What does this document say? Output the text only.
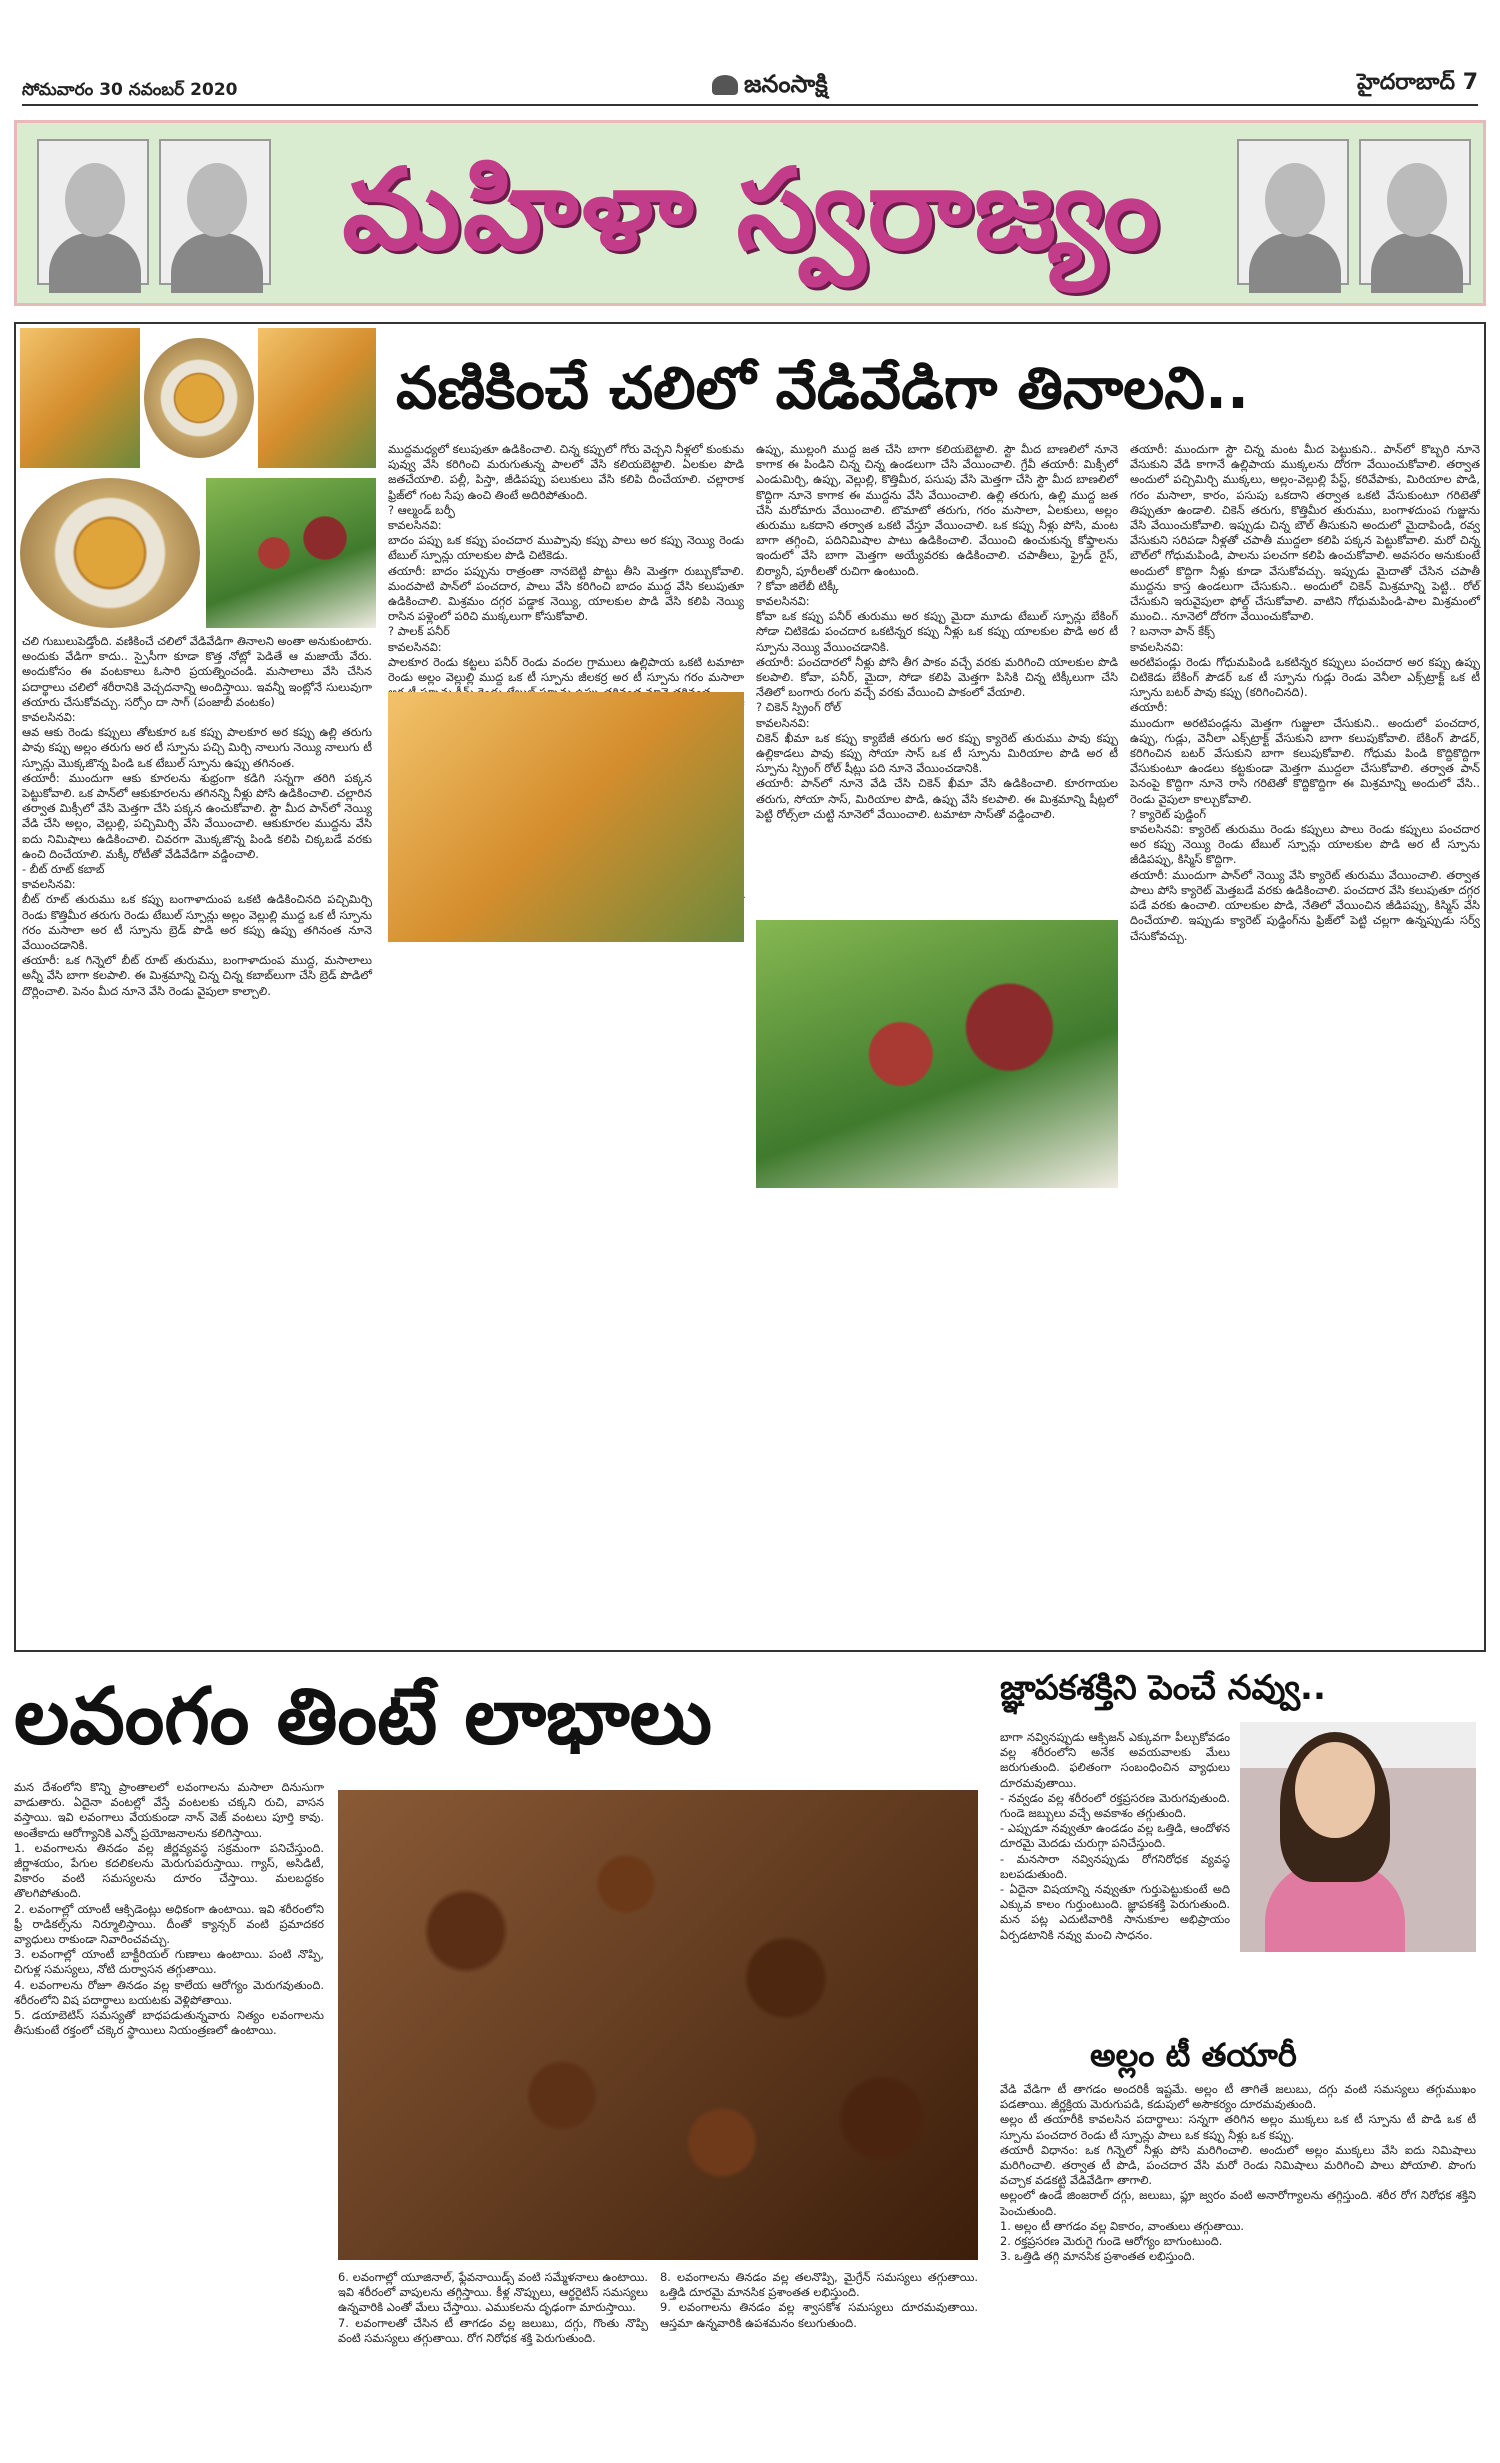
సోమవారం 30 నవంబర్ 2020	జనంసాక్షి	హైదరాబాద్ 7
మహిళా స్వరాజ్యం
వణికించే చలిలో వేడివేడిగా తినాలని..
చలి గుబులుపెడ్తోంది. వణికించే చలిలో వేడివేడిగా తినాలని అంతా అనుకుంటారు. అందుకు వేడిగా కాదు.. స్పైసీగా కూడా కొత్త నోట్లో పెడితే ఆ మజాయే వేరు. అందుకోసం ఈ వంటకాలు ఓసారి ప్రయత్నించండి. మసాలాలు వేసి చేసిన పదార్థాలు చలిలో శరీరానికి వెచ్చదనాన్ని అందిస్తాయి. ఇవన్నీ ఇంట్లోనే సులువుగా తయారు చేసుకోవచ్చు. సర్సోం దా సాగ్ (పంజాబీ వంటకం)
కావలసినవి:
ఆవ ఆకు రెండు కప్పులు తోటకూర ఒక కప్పు పాలకూర అర కప్పు ఉల్లి తరుగు పావు కప్పు అల్లం తరుగు అర టీ స్పూను పచ్చి మిర్చి నాలుగు నెయ్యి నాలుగు టీ స్పూన్లు మొక్కజొన్న పిండి ఒక టేబుల్ స్పూను ఉప్పు తగినంత.
తయారీ: ముందుగా ఆకు కూరలను శుభ్రంగా కడిగి సన్నగా తరిగి పక్కన పెట్టుకోవాలి. ఒక పాన్‌లో ఆకుకూరలను తగినన్ని నీళ్లు పోసి ఉడికించాలి. చల్లారిన తర్వాత మిక్సీలో వేసి మెత్తగా చేసి పక్కన ఉంచుకోవాలి. స్టౌ మీద పాన్‌లో నెయ్యి వేడి చేసి అల్లం, వెల్లుల్లి, పచ్చిమిర్చి వేసి వేయించాలి. ఆకుకూరల ముద్దను వేసి ఐదు నిమిషాలు ఉడికించాలి. చివరగా మొక్కజొన్న పిండి కలిపి చిక్కబడే వరకు ఉంచి దించేయాలి. మక్కీ రోటీతో వేడివేడిగా వడ్డించాలి.
- బీట్ రూట్ కబాబ్
కావలసినవి:
బీట్ రూట్ తురుము ఒక కప్పు బంగాళాదుంప ఒకటి ఉడికించినది పచ్చిమిర్చి రెండు కొత్తిమీర తరుగు రెండు టేబుల్ స్పూన్లు అల్లం వెల్లుల్లి ముద్ద ఒక టీ స్పూను గరం మసాలా అర టీ స్పూను బ్రెడ్ పొడి అర కప్పు ఉప్పు తగినంత నూనె వేయించడానికి.
తయారీ: ఒక గిన్నెలో బీట్ రూట్ తురుము, బంగాళాదుంప ముద్ద, మసాలాలు అన్నీ వేసి బాగా కలపాలి. ఈ మిశ్రమాన్ని చిన్న చిన్న కబాబ్‌లుగా చేసి బ్రెడ్ పొడిలో దొర్లించాలి. పెనం మీద నూనె వేసి రెండు వైపులా కాల్చాలి.
ముద్దమధ్యలో కలుపుతూ ఉడికించాలి. చిన్న కప్పులో గోరు వెచ్చని నీళ్లలో కుంకుమ పువ్వు వేసి కరిగించి మరుగుతున్న పాలలో వేసి కలియబెట్టాలి. ఏలకుల పొడి జతచేయాలి. పల్లీ, పిస్తా, జీడిపప్పు పలుకులు వేసి కలిపి దించేయాలి. చల్లారాక ఫ్రిజ్‌లో గంట సేపు ఉంచి తింటే అదిరిపోతుంది.
? ఆల్మండ్ బర్ఫీ
కావలసినవి:
బాదం పప్పు ఒక కప్పు పంచదార ముప్పావు కప్పు పాలు అర కప్పు నెయ్యి రెండు టేబుల్ స్పూన్లు యాలకుల పొడి చిటికెడు.
తయారీ: బాదం పప్పును రాత్రంతా నానబెట్టి పొట్టు తీసి మెత్తగా రుబ్బుకోవాలి. మందపాటి పాన్‌లో పంచదార, పాలు వేసి కరిగించి బాదం ముద్ద వేసి కలుపుతూ ఉడికించాలి. మిశ్రమం దగ్గర పడ్డాక నెయ్యి, యాలకుల పొడి వేసి కలిపి నెయ్యి రాసిన పళ్లెంలో పరిచి ముక్కలుగా కోసుకోవాలి.
? పాలక్ పనీర్
కావలసినవి:
పాలకూర రెండు కట్టలు పనీర్ రెండు వందల గ్రాములు ఉల్లిపాయ ఒకటి టమాటా రెండు అల్లం వెల్లుల్లి ముద్ద ఒక టీ స్పూను జీలకర్ర అర టీ స్పూను గరం మసాలా

ఉప్పు, ముల్లంగి ముద్ద జత చేసి బాగా కలియబెట్టాలి. స్టౌ మీద బాణలిలో నూనె కాగాక ఈ పిండిని చిన్న చిన్న ఉండలుగా చేసి వేయించాలి. గ్రేవీ తయారీ: మిక్సీలో ఎండుమిర్చి, ఉప్పు, వెల్లుల్లి, కొత్తిమీర, పసుపు వేసి మెత్తగా చేసి స్టౌ మీద బాణలిలో కొద్దిగా నూనె కాగాక ఈ ముద్దను వేసి వేయించాలి. ఉల్లి తరుగు, ఉల్లి ముద్ద జత చేసి మరోమారు వేయించాలి. టొమాటో తరుగు, గరం మసాలా, ఏలకులు, అల్లం తురుము ఒకదాని తర్వాత ఒకటి వేస్తూ వేయించాలి. ఒక కప్పు నీళ్లు పోసి, మంట బాగా తగ్గించి, పదినిమిషాల పాటు ఉడికించాలి. వేయించి ఉంచుకున్న కోఫ్తాలను ఇందులో వేసి బాగా మెత్తగా అయ్యేవరకు ఉడికించాలి. చపాతీలు, ఫ్రైడ్ రైస్, బిర్యానీ, పూరీలతో రుచిగా ఉంటుంది.
? కోవా జిలేబీ టిక్కీ
కావలసినవి:
కోవా ఒక కప్పు పనీర్ తురుము అర కప్పు మైదా మూడు టేబుల్ స్పూన్లు బేకింగ్ సోడా చిటికెడు పంచదార ఒకటిన్నర కప్పు నీళ్లు ఒక కప్పు యాలకుల పొడి అర టీ స్పూను నెయ్యి వేయించడానికి.
తయారీ: పంచదారలో నీళ్లు పోసి తీగ పాకం వచ్చే వరకు మరిగించి యాలకుల పొడి కలపాలి. కోవా, పనీర్, మైదా, సోడా కలిపి మెత్తగా పిసికి చిన్న టిక్కీలుగా చేసి నేతిలో బంగారు రంగు వచ్చే వరకు వేయించి పాకంలో వేయాలి.
? చికెన్ స్ప్రింగ్ రోల్
కావలసినవి:
చికెన్ ఖీమా ఒక కప్పు క్యాబేజీ తరుగు అర కప్పు క్యారెట్ తురుము పావు కప్పు ఉల్లికాడలు పావు కప్పు సోయా సాస్ ఒక టీ స్పూను మిరియాల పొడి అర టీ స్పూను స్ప్రింగ్ రోల్ షీట్లు పది నూనె వేయించడానికి.
తయారీ: పాన్‌లో నూనె వేడి చేసి చికెన్ ఖీమా వేసి ఉడికించాలి. కూరగాయల తరుగు, సోయా సాస్, మిరియాల పొడి, ఉప్పు వేసి కలపాలి. ఈ మిశ్రమాన్ని షీట్లలో పెట్టి రోల్స్‌లా చుట్టి నూనెలో వేయించాలి. టమాటా సాస్‌తో వడ్డించాలి.
తయారీ: ముందుగా స్టౌ చిన్న మంట మీద పెట్టుకుని.. పాన్‌లో కొబ్బరి నూనె వేసుకుని వేడి కాగానే ఉల్లిపాయ ముక్కలను దోరగా వేయించుకోవాలి. తర్వాత అందులో పచ్చిమిర్చి ముక్కలు, అల్లం-వెల్లుల్లి పేస్ట్, కరివేపాకు, మిరియాల పొడి, గరం మసాలా, కారం, పసుపు ఒకదాని తర్వాత ఒకటి వేసుకుంటూ గరిటెతో తిప్పుతూ ఉండాలి. చికెన్ తరుగు, కొత్తిమీర తురుము, బంగాళదుంప గుజ్జును వేసి వేయించుకోవాలి. ఇప్పుడు చిన్న బౌల్ తీసుకుని అందులో మైదాపిండి, రవ్వ వేసుకుని సరిపడా నీళ్లతో చపాతీ ముద్దలా కలిపి పక్కన పెట్టుకోవాలి. మరో చిన్న బౌల్‌లో గోధుమపిండి, పాలను పలచగా కలిపి ఉంచుకోవాలి. అవసరం అనుకుంటే అందులో కొద్దిగా నీళ్లు కూడా వేసుకోవచ్చు. ఇప్పుడు మైదాతో చేసిన చపాతీ ముద్దను కాస్త ఉండలుగా చేసుకుని.. అందులో చికెన్ మిశ్రమాన్ని పెట్టి.. రోల్ చేసుకుని ఇరువైపులా ఫోల్డ్ చేసుకోవాలి. వాటిని గోధుమపిండి-పాల మిశ్రమంలో ముంచి.. నూనెలో దోరగా వేయించుకోవాలి.
? బనానా పాన్ కేక్స్
కావలసినవి:
అరటిపండ్లు రెండు గోధుమపిండి ఒకటిన్నర కప్పులు పంచదార అర కప్పు ఉప్పు చిటికెడు బేకింగ్ పౌడర్ ఒక టీ స్పూను గుడ్లు రెండు వెనీలా ఎక్స్‌ట్రాక్ట్ ఒక టీ స్పూను బటర్ పావు కప్పు (కరిగించినది).
తయారీ:
ముందుగా అరటిపండ్లను మెత్తగా గుజ్జులా చేసుకుని.. అందులో పంచదార, ఉప్పు, గుడ్లు, వెనీలా ఎక్స్‌ట్రాక్ట్ వేసుకుని బాగా కలుపుకోవాలి. బేకింగ్ పౌడర్, కరిగించిన బటర్ వేసుకుని బాగా కలుపుకోవాలి. గోధుమ పిండి కొద్దికొద్దిగా వేసుకుంటూ ఉండలు కట్టకుండా మెత్తగా ముద్దలా చేసుకోవాలి. తర్వాత పాన్ పెనంపై కొద్దిగా నూనె రాసి గరిటెతో కొద్దికొద్దిగా ఈ మిశ్రమాన్ని అందులో వేసి.. రెండు వైపులా కాల్చుకోవాలి.
? క్యారెట్ పుడ్డింగ్
కావలసినవి: క్యారెట్ తురుము రెండు కప్పులు పాలు రెండు కప్పులు పంచదార అర కప్పు నెయ్యి రెండు టేబుల్ స్పూన్లు యాలకుల పొడి అర టీ స్పూను జీడిపప్పు, కిస్మిస్ కొద్దిగా.
తయారీ: ముందుగా పాన్‌లో నెయ్యి వేసి క్యారెట్ తురుము వేయించాలి. తర్వాత పాలు పోసి క్యారెట్ మెత్తబడే వరకు ఉడికించాలి. పంచదార వేసి కలుపుతూ దగ్గర పడే వరకు ఉంచాలి. యాలకుల పొడి, నేతిలో వేయించిన జీడిపప్పు, కిస్మిస్ వేసి దించేయాలి. ఇప్పుడు క్యారెట్ పుడ్డింగ్‌ను ఫ్రిజ్‌లో పెట్టి చల్లగా ఉన్నప్పుడు సర్వ్ చేసుకోవచ్చు.
లవంగం తింటే లాభాలు
మన దేశంలోని కొన్ని ప్రాంతాలలో లవంగాలను మసాలా దినుసుగా వాడుతారు. ఏదైనా వంటల్లో వేస్తే వంటలకు చక్కని రుచి, వాసన వస్తాయి. ఇవి లవంగాలు వేయకుండా నాన్ వెజ్ వంటలు పూర్తి కావు. అంతేకాదు ఆరోగ్యానికి ఎన్నో ప్రయోజనాలను కలిగిస్తాయి.
1. లవంగాలను తినడం వల్ల జీర్ణవ్యవస్థ సక్రమంగా పనిచేస్తుంది. జీర్ణాశయం, పేగుల కదలికలను మెరుగుపరుస్తాయి. గ్యాస్, అసిడిటీ, వికారం వంటి సమస్యలను దూరం చేస్తాయి. మలబద్ధకం తొలగిపోతుంది.
2. లవంగాల్లో యాంటీ ఆక్సిడెంట్లు అధికంగా ఉంటాయి. ఇవి శరీరంలోని ఫ్రీ రాడికల్స్‌ను నిర్మూలిస్తాయి. దీంతో క్యాన్సర్ వంటి ప్రమాదకర వ్యాధులు రాకుండా నివారించవచ్చు.
3. లవంగాల్లో యాంటీ బాక్టీరియల్ గుణాలు ఉంటాయి. పంటి నొప్పి, చిగుళ్ల సమస్యలు, నోటి దుర్వాసన తగ్గుతాయి.
4. లవంగాలను రోజూ తినడం వల్ల కాలేయ ఆరోగ్యం మెరుగవుతుంది. శరీరంలోని విష పదార్థాలు బయటకు వెళ్లిపోతాయి.
5. డయాబెటిస్ సమస్యతో బాధపడుతున్నవారు నిత్యం లవంగాలను తీసుకుంటే రక్తంలో చక్కెర స్థాయిలు నియంత్రణలో ఉంటాయి.
6. లవంగాల్లో యూజినాల్, ఫ్లేవనాయిడ్స్ వంటి సమ్మేళనాలు ఉంటాయి. ఇవి శరీరంలో వాపులను తగ్గిస్తాయి. కీళ్ల నొప్పులు, ఆర్థరైటిస్ సమస్యలు ఉన్నవారికి ఎంతో మేలు చేస్తాయి. ఎముకలను దృఢంగా మారుస్తాయి.
7. లవంగాలతో చేసిన టీ తాగడం వల్ల జలుబు, దగ్గు, గొంతు నొప్పి వంటి సమస్యలు తగ్గుతాయి. రోగ నిరోధక శక్తి పెరుగుతుంది.
8. లవంగాలను తినడం వల్ల తలనొప్పి, మైగ్రేన్ సమస్యలు తగ్గుతాయి. ఒత్తిడి దూరమై మానసిక ప్రశాంతత లభిస్తుంది.
9. లవంగాలను తినడం వల్ల శ్వాసకోశ సమస్యలు దూరమవుతాయి. ఆస్తమా ఉన్నవారికి ఉపశమనం కలుగుతుంది.
జ్ఞాపకశక్తిని పెంచే నవ్వు..
బాగా నవ్వినప్పుడు ఆక్సిజన్ ఎక్కువగా పీల్చుకోవడం వల్ల శరీరంలోని అనేక అవయవాలకు మేలు జరుగుతుంది. ఫలితంగా సంబంధించిన వ్యాధులు దూరమవుతాయి.
- నవ్వడం వల్ల శరీరంలో రక్తప్రసరణ మెరుగవుతుంది. గుండె జబ్బులు వచ్చే అవకాశం తగ్గుతుంది.
- ఎప్పుడూ నవ్వుతూ ఉండడం వల్ల ఒత్తిడి, ఆందోళన దూరమై మెదడు చురుగ్గా పనిచేస్తుంది.
- మనసారా నవ్వినప్పుడు రోగనిరోధక వ్యవస్థ బలపడుతుంది.
- ఏదైనా విషయాన్ని నవ్వుతూ గుర్తుపెట్టుకుంటే అది ఎక్కువ కాలం గుర్తుంటుంది. జ్ఞాపకశక్తి పెరుగుతుంది. మన పట్ల ఎదుటివారికి సానుకూల అభిప్రాయం ఏర్పడటానికి నవ్వు మంచి సాధనం.
అల్లం టీ తయారీ
వేడి వేడిగా టీ తాగడం అందరికీ ఇష్టమే. అల్లం టీ తాగితే జలుబు, దగ్గు వంటి సమస్యలు తగ్గుముఖం పడతాయి. జీర్ణక్రియ మెరుగుపడి, కడుపులో అసౌకర్యం దూరమవుతుంది.
అల్లం టీ తయారీకి కావలసిన పదార్థాలు: సన్నగా తరిగిన అల్లం ముక్కలు ఒక టీ స్పూను టీ పొడి ఒక టీ స్పూను పంచదార రెండు టీ స్పూన్లు పాలు ఒక కప్పు నీళ్లు ఒక కప్పు.
తయారీ విధానం: ఒక గిన్నెలో నీళ్లు పోసి మరిగించాలి. అందులో అల్లం ముక్కలు వేసి ఐదు నిమిషాలు మరిగించాలి. తర్వాత టీ పొడి, పంచదార వేసి మరో రెండు నిమిషాలు మరిగించి పాలు పోయాలి. పొంగు వచ్చాక వడకట్టి వేడివేడిగా తాగాలి.
అల్లంలో ఉండే జింజరాల్ దగ్గు, జలుబు, ఫ్లూ జ్వరం వంటి అనారోగ్యాలను తగ్గిస్తుంది. శరీర రోగ నిరోధక శక్తిని పెంచుతుంది.
1. అల్లం టీ తాగడం వల్ల వికారం, వాంతులు తగ్గుతాయి.
2. రక్తప్రసరణ మెరుగై గుండె ఆరోగ్యం బాగుంటుంది.
3. ఒత్తిడి తగ్గి మానసిక ప్రశాంతత లభిస్తుంది.
